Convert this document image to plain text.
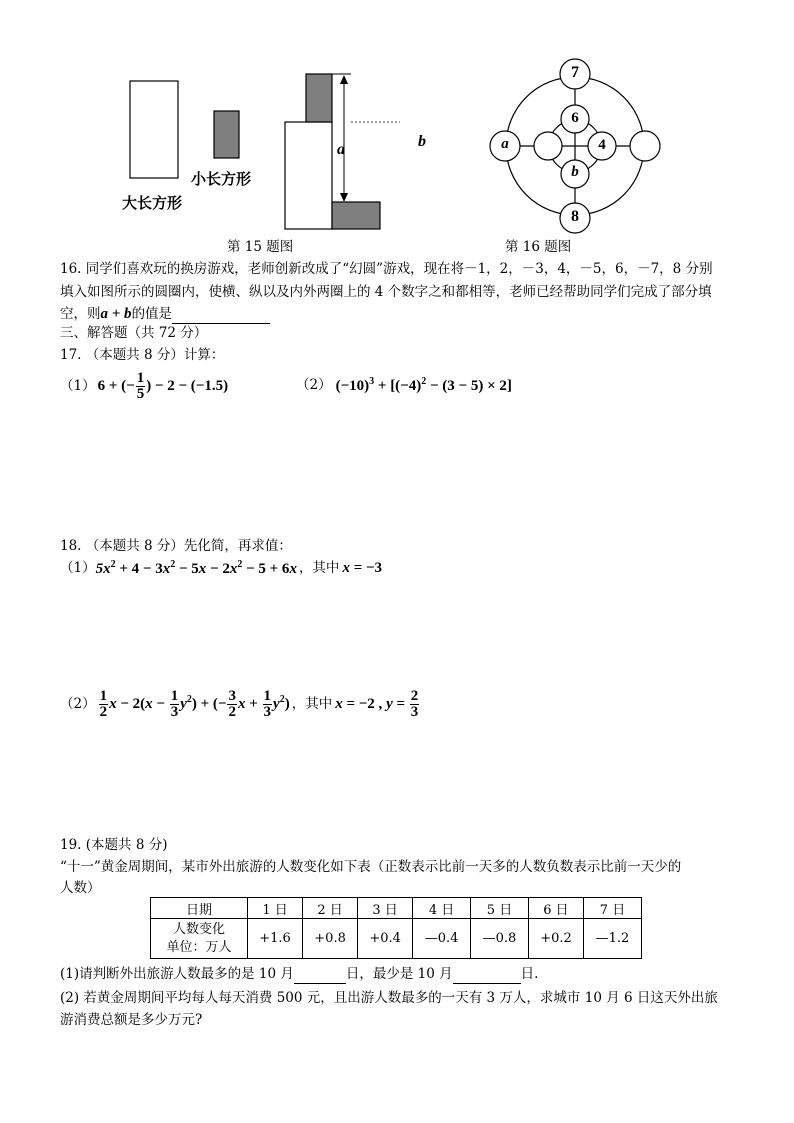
大长方形
小长方形
a	b
第 15 题图
7
6
4
b
8
a
第 16 题图
16. 同学们喜欢玩的换房游戏，老师创新改成了“幻圆”游戏，现在将－1，2，－3，4，－5，6，－7，8 分别
填入如图所示的圆圈内，使横、纵以及内外两圈上的 4 个数字之和都相等，老师已经帮助同学们完成了部分填
空，则a + b的值是
三、解答题（共 72 分）
17. （本题共 8 分）计算：
（1） 6 + (− $\frac{1}{5}$ ) − 2 − (−1.5)	（2） $(-10)^3 + [(-4)^2 - (3 - 5) \times 2]$
18. （本题共 8 分）先化简，再求值：
（1） $5x^2 + 4 - 3x^2 - 5x - 2x^2 - 5 + 6x$ ，其中 x = −3
$(2) \frac{1}{2}$ $x - 2(x - \frac{1}{3} y^2)$ + (− $\frac{3}{2}$ $x + \frac{1}{3} y^2$) ，其中 x = −2 , $y = \frac{2}{3}$
19. (本题共 8 分)
“十一”黄金周期间，某市外出旅游的人数变化如下表（正数表示比前一天多的人数负数表示比前一天少的
人数）
日期	1 日	2 日	3 日	4 日	5 日	6 日	7 日
人数变化
单位：万人	+1.6	+0.8	+0.4	—0.4	—0.8	+0.2	—1.2
(1)请判断外出旅游人数最多的是 10 月	日，最少是 10 月	日.
(2) 若黄金周期间平均每人每天消费 500 元，且出游人数最多的一天有 3 万人，求城市 10 月 6 日这天外出旅
游消费总额是多少万元?
